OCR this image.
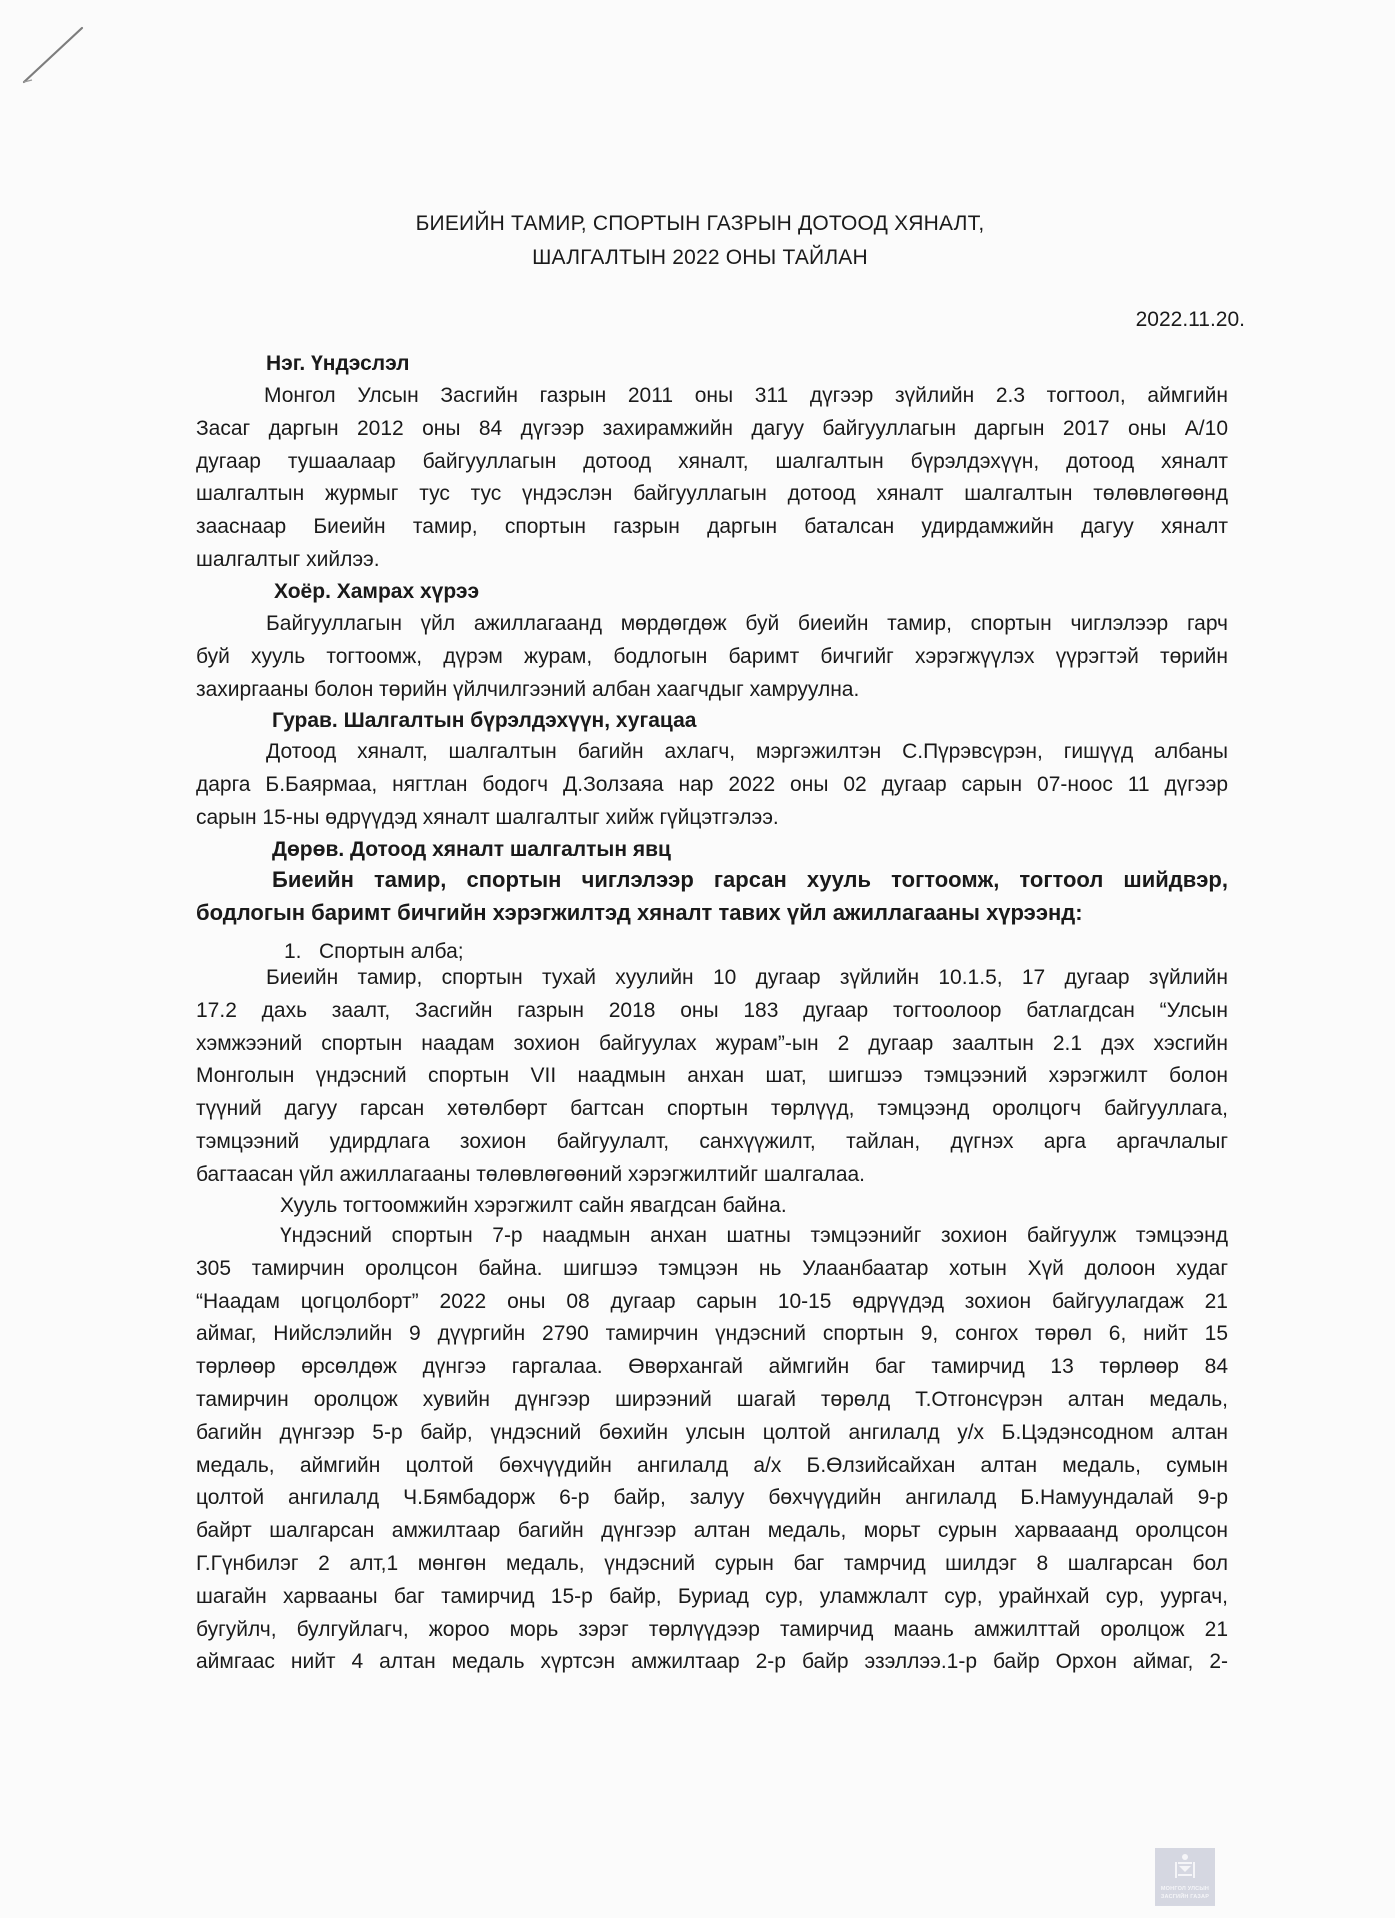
БИЕИЙН ТАМИР, СПОРТЫН ГАЗРЫН ДОТООД ХЯНАЛТ,
ШАЛГАЛТЫН 2022 ОНЫ ТАЙЛАН
2022.11.20.
Нэг. Үндэслэл
Монгол Улсын Засгийн газрын 2011 оны 311 дүгээр зүйлийн 2.3 тогтоол, аймгийн
Засаг даргын 2012 оны 84 дүгээр захирамжийн дагуу байгууллагын даргын 2017 оны А/10
дугаар тушаалаар байгууллагын дотоод хяналт, шалгалтын бүрэлдэхүүн, дотоод хяналт
шалгалтын журмыг тус тус үндэслэн байгууллагын дотоод хяналт шалгалтын төлөвлөгөөнд
зааснаар Биеийн тамир, спортын газрын даргын баталсан удирдамжийн дагуу хяналт
шалгалтыг хийлээ.
Хоёр. Хамрах хүрээ
Байгууллагын үйл ажиллагаанд мөрдөгдөж буй биеийн тамир, спортын чиглэлээр гарч
буй хууль тогтоомж, дүрэм журам, бодлогын баримт бичгийг хэрэгжүүлэх үүрэгтэй төрийн
захиргааны болон төрийн үйлчилгээний албан хаагчдыг хамруулна.
Гурав. Шалгалтын бүрэлдэхүүн, хугацаа
Дотоод хяналт, шалгалтын багийн ахлагч, мэргэжилтэн С.Пүрэвсүрэн, гишүүд албаны
дарга Б.Баярмаа, нягтлан бодогч Д.Золзаяа нар 2022 оны 02 дугаар сарын 07-ноос 11 дүгээр
сарын 15-ны өдрүүдэд хяналт шалгалтыг хийж гүйцэтгэлээ.
Дөрөв. Дотоод хяналт шалгалтын явц
Биеийн тамир, спортын чиглэлээр гарсан хууль тогтоомж, тогтоол шийдвэр,
бодлогын баримт бичгийн хэрэгжилтэд хяналт тавих үйл ажиллагааны хүрээнд:
1.   Спортын алба;
Биеийн тамир, спортын тухай хуулийн 10 дугаар зүйлийн 10.1.5, 17 дугаар зүйлийн
17.2 дахь заалт, Засгийн газрын 2018 оны 183 дугаар тогтоолоор батлагдсан “Улсын
хэмжээний спортын наадам зохион байгуулах журам”-ын 2 дугаар заалтын 2.1 дэх хэсгийн
Монголын үндэсний спортын VII наадмын анхан шат, шигшээ тэмцээний хэрэгжилт болон
түүний дагуу гарсан хөтөлбөрт багтсан спортын төрлүүд, тэмцээнд оролцогч байгууллага,
тэмцээний удирдлага зохион байгуулалт, санхүүжилт, тайлан, дүгнэх арга аргачлалыг
багтаасан үйл ажиллагааны төлөвлөгөөний хэрэгжилтийг шалгалаа.
Хууль тогтоомжийн хэрэгжилт сайн явагдсан байна.
Үндэсний спортын 7-р наадмын анхан шатны тэмцээнийг зохион байгуулж тэмцээнд
305 тамирчин оролцсон байна. шигшээ тэмцээн нь Улаанбаатар хотын Хүй долоон худаг
“Наадам цогцолборт” 2022 оны 08 дугаар сарын 10-15 өдрүүдэд зохион байгуулагдаж 21
аймаг, Нийслэлийн 9 дүүргийн 2790 тамирчин үндэсний спортын 9, сонгох төрөл 6, нийт 15
төрлөөр өрсөлдөж дүнгээ гаргалаа. Өвөрхангай аймгийн баг тамирчид 13 төрлөөр 84
тамирчин оролцож хувийн дүнгээр ширээний шагай төрөлд Т.Отгонсүрэн алтан медаль,
багийн дүнгээр 5-р байр, үндэсний бөхийн улсын цолтой ангилалд у/х Б.Цэдэнсодном алтан
медаль, аймгийн цолтой бөхчүүдийн ангилалд а/х Б.Өлзийсайхан алтан медаль, сумын
цолтой ангилалд Ч.Бямбадорж 6-р байр, залуу бөхчүүдийн ангилалд Б.Намуундалай 9-р
байрт шалгарсан амжилтаар багийн дүнгээр алтан медаль, морьт сурын харвааанд оролцсон
Г.Гүнбилэг 2 алт,1 мөнгөн медаль, үндэсний сурын баг тамрчид шилдэг 8 шалгарсан бол
шагайн харвааны баг тамирчид 15-р байр, Буриад сур, уламжлалт сур, урайнхай сур, уургач,
бугуйлч, булгуйлагч, жороо морь зэрэг төрлүүдээр тамирчид маань амжилттай оролцож 21
аймгаас нийт 4 алтан медаль хүртсэн амжилтаар 2-р байр эзэллээ.1-р байр Орхон аймаг, 2-
МОНГОЛ УЛСЫН
ЗАСГИЙН ГАЗАР
